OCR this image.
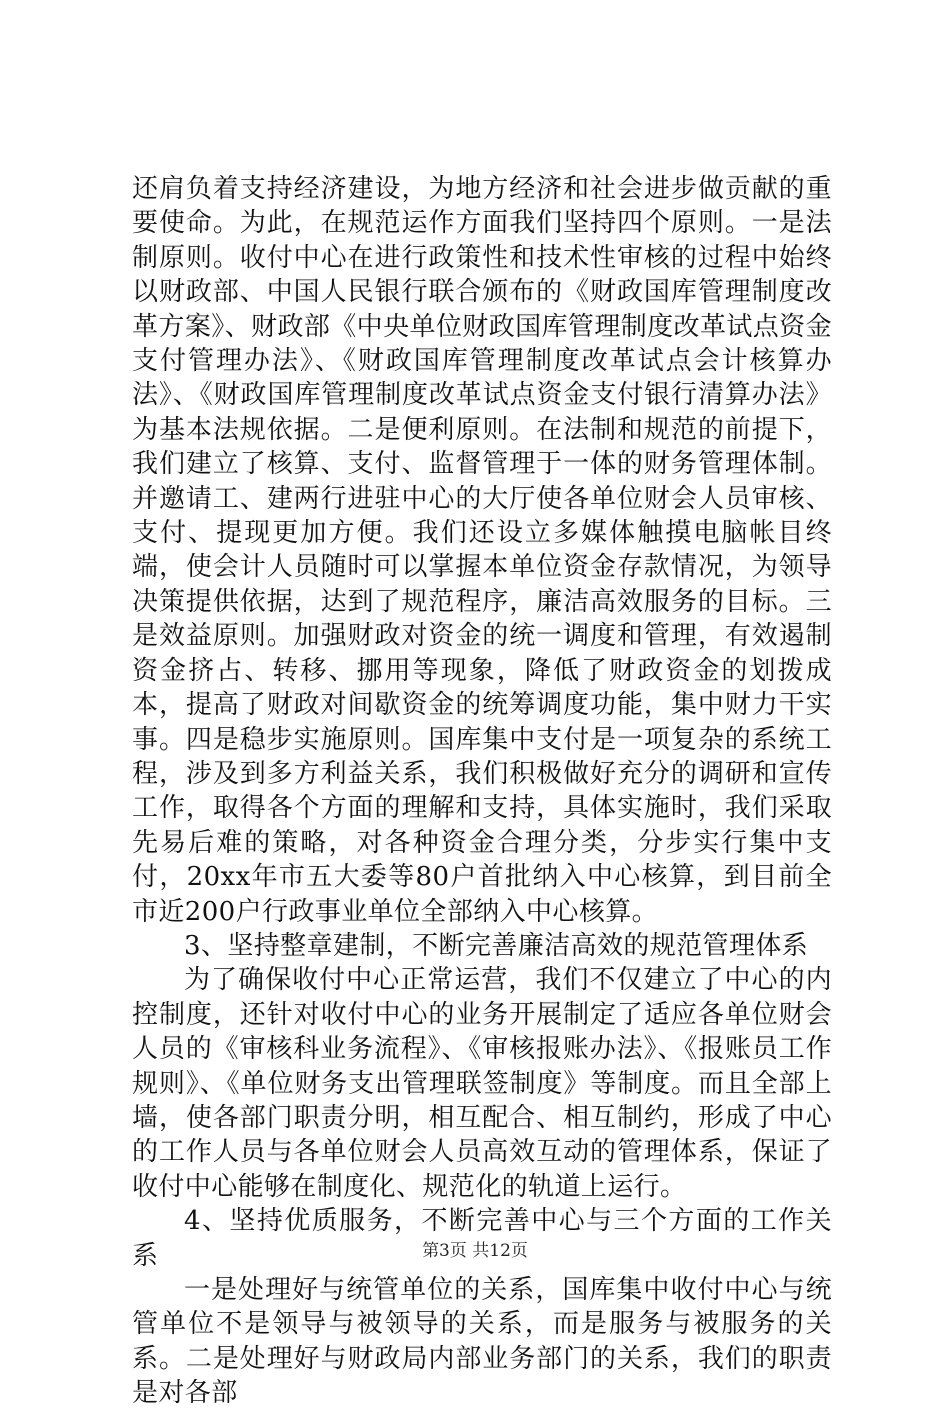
还肩负着支持经济建设，为地方经济和社会进步做贡献的重要使命。为此，在规范运作方面我们坚持四个原则。一是法制原则。收付中心在进行政策性和技术性审核的过程中始终以财政部、中国人民银行联合颁布的《财政国库管理制度改革方案》、财政部《中央单位财政国库管理制度改革试点资金支付管理办法》、《财政国库管理制度改革试点会计核算办法》、《财政国库管理制度改革试点资金支付银行清算办法》为基本法规依据。二是便利原则。在法制和规范的前提下，我们建立了核算、支付、监督管理于一体的财务管理体制。并邀请工、建两行进驻中心的大厅使各单位财会人员审核、支付、提现更加方便。我们还设立多媒体触摸电脑帐目终端，使会计人员随时可以掌握本单位资金存款情况，为领导决策提供依据，达到了规范程序，廉洁高效服务的目标。三是效益原则。加强财政对资金的统一调度和管理，有效遏制资金挤占、转移、挪用等现象，降低了财政资金的划拨成本，提高了财政对间歇资金的统筹调度功能，集中财力干实事。四是稳步实施原则。国库集中支付是一项复杂的系统工程，涉及到多方利益关系，我们积极做好充分的调研和宣传工作，取得各个方面的理解和支持，具体实施时，我们采取先易后难的策略，对各种资金合理分类，分步实行集中支付，20xx年市五大委等80户首批纳入中心核算，到目前全市近200户行政事业单位全部纳入中心核算。

3、坚持整章建制，不断完善廉洁高效的规范管理体系

为了确保收付中心正常运营，我们不仅建立了中心的内控制度，还针对收付中心的业务开展制定了适应各单位财会人员的《审核科业务流程》、《审核报账办法》、《报账员工作规则》、《单位财务支出管理联签制度》等制度。而且全部上墙，使各部门职责分明，相互配合、相互制约，形成了中心的工作人员与各单位财会人员高效互动的管理体系，保证了收付中心能够在制度化、规范化的轨道上运行。

4、坚持优质服务，不断完善中心与三个方面的工作关系

一是处理好与统管单位的关系，国库集中收付中心与统管单位不是领导与被领导的关系，而是服务与被服务的关系。二是处理好与财政局内部业务部门的关系，我们的职责是对各部

第3页 共12页
